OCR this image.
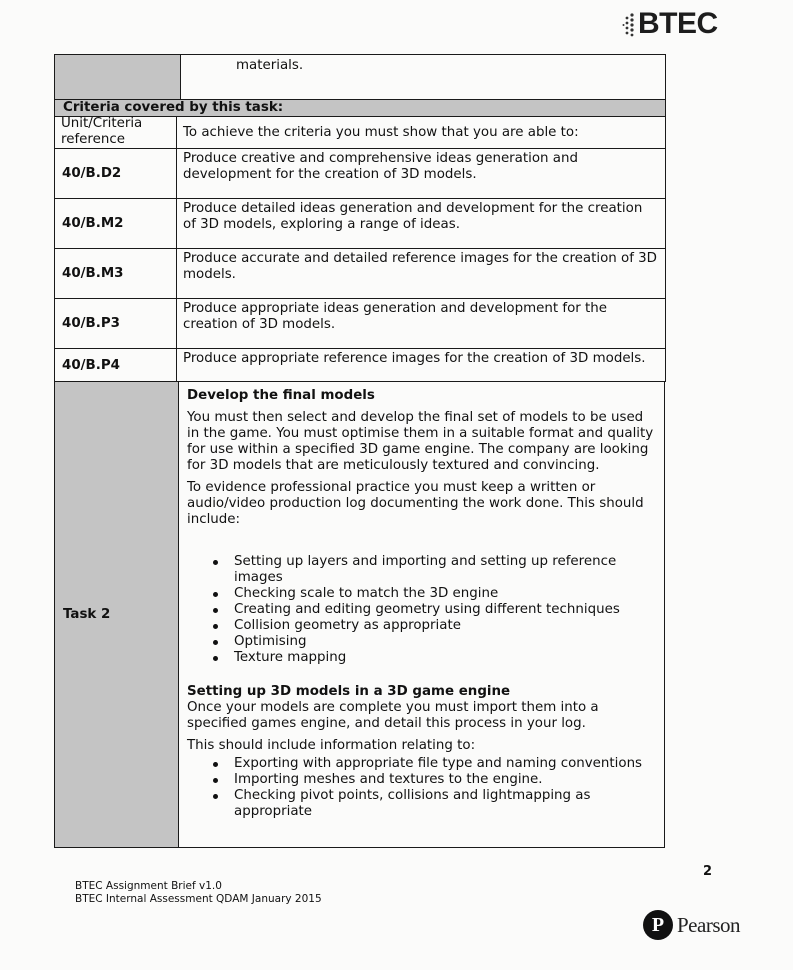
BTEC
materials.
Criteria covered by this task:
Unit/Criteria reference	To achieve the criteria you must show that you are able to:
40/B.D2
Produce creative and comprehensive ideas generation and development for the creation of 3D models.
40/B.M2
Produce detailed ideas generation and development for the creation of 3D models, exploring a range of ideas.
40/B.M3
Produce accurate and detailed reference images for the creation of 3D models.
40/B.P3
Produce appropriate ideas generation and development for the creation of 3D models.
40/B.P4	Produce appropriate reference images for the creation of 3D models.
Task 2
Develop the final models

You must then select and develop the final set of models to be used in the game. You must optimise them in a suitable format and quality for use within a specified 3D game engine. The company are looking for 3D models that are meticulously textured and convincing.

To evidence professional practice you must keep a written or audio/video production log documenting the work done. This should include:

Setting up layers and importing and setting up reference images
Checking scale to match the 3D engine
Creating and editing geometry using different techniques
Collision geometry as appropriate
Optimising
Texture mapping
Setting up 3D models in a 3D game engine

Once your models are complete you must import them into a specified games engine, and detail this process in your log.

This should include information relating to:

Exporting with appropriate file type and naming conventions
Importing meshes and textures to the engine.
Checking pivot points, collisions and lightmapping as appropriate
2
BTEC Assignment Brief v1.0
BTEC Internal Assessment QDAM January 2015
P Pearson
